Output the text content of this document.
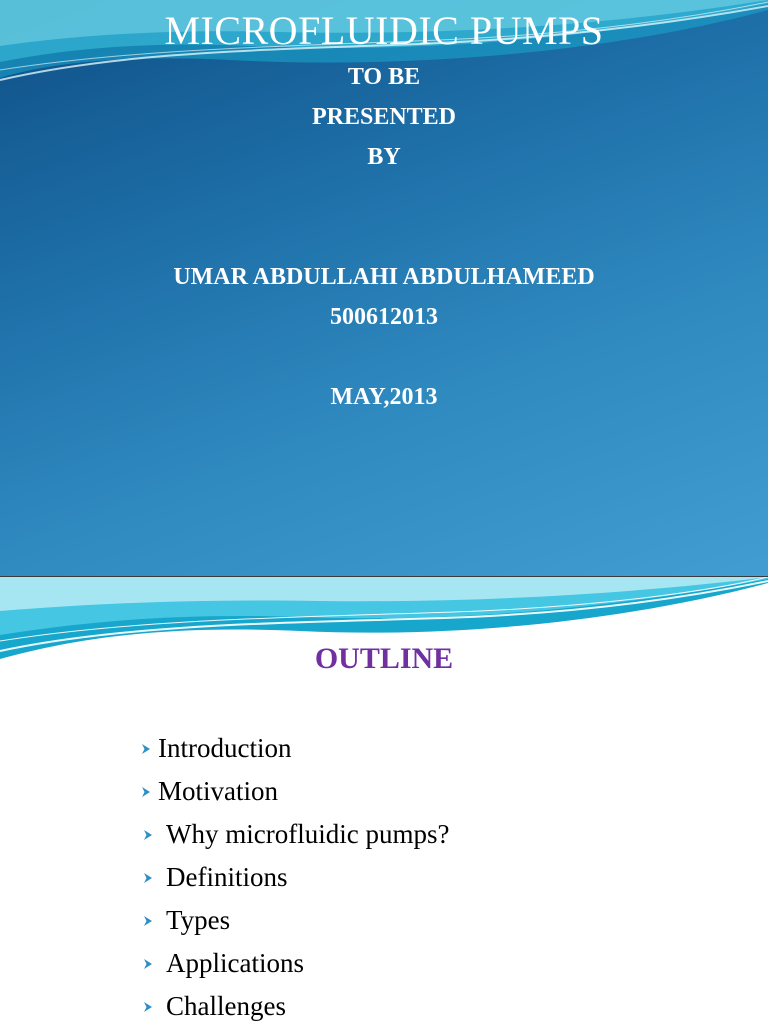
MICROFLUIDIC PUMPS
TO BE
PRESENTED
BY
UMAR ABDULLAHI ABDULHAMEED
500612013
MAY,2013
OUTLINE
Introduction
Motivation
Why microfluidic pumps?
Definitions
Types
Applications
Challenges
